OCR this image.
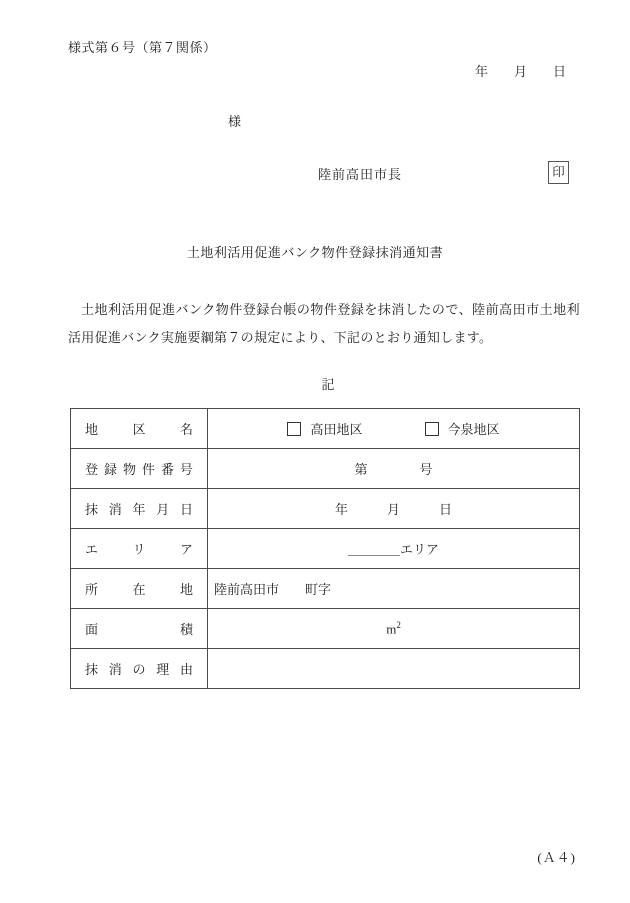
様式第６号（第７関係）
年　　月　　日
様
陸前高田市長	印
土地利活用促進バンク物件登録抹消通知書
土地利活用促進バンク物件登録台帳の物件登録を抹消したので、陸前高田市土地利活用促進バンク実施要綱第７の規定により、下記のとおり通知します。
記
地 区 名	高田地区 今泉地区

登 録 物 件 番 号	第　　　　号

抹 消 年 月 日	年　　　月　　　日

エ リ ア	＿＿＿＿エリア

所 在 地	陸前高田市　　町字

面 積	$m^2$

抹 消 の 理 由	

(Ａ４)
